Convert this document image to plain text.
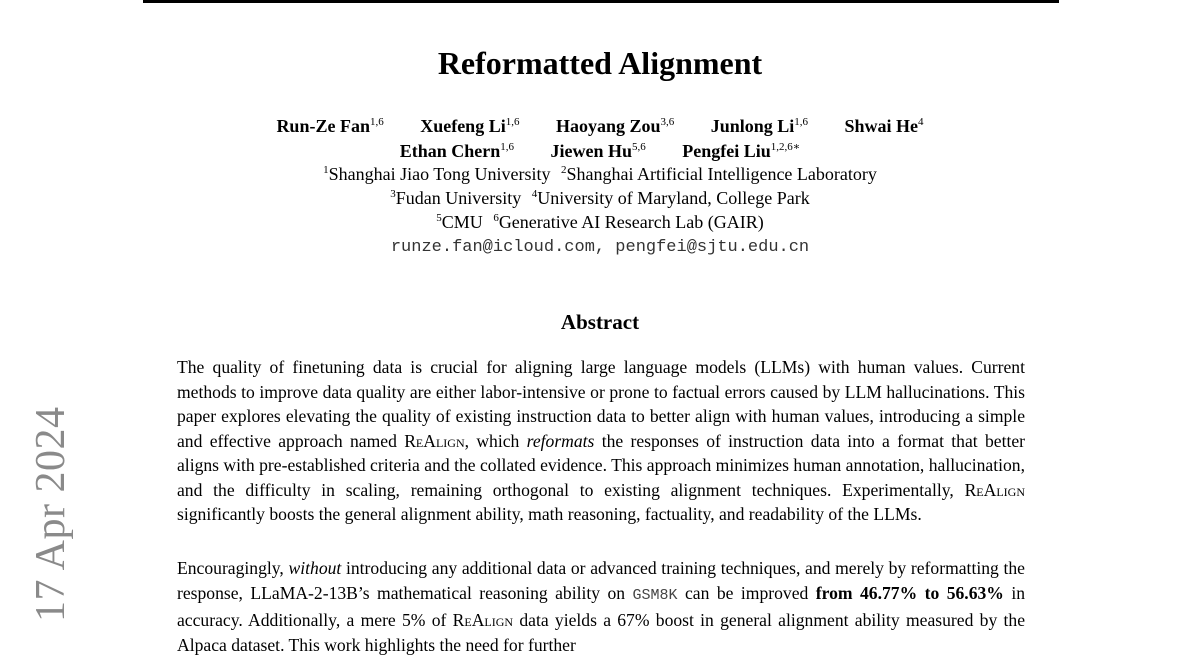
17 Apr 2024
Reformatted Alignment
Run-Ze Fan$^{1,6}$ Xuefeng Li$^{1,6}$ Haoyang Zou$^{3,6}$ Junlong Li$^{1,6}$ Shwai He$^4$
Ethan Chern$^{1,6}$ Jiewen Hu$^{5,6}$ Pengfei Liu$^{1,2,6∗}$
$^1$Shanghai Jiao Tong University $^2$Shanghai Artificial Intelligence Laboratory
$^3$Fudan University $^4$University of Maryland, College Park
$^5$CMU $^6$Generative AI Research Lab (GAIR)
runze.fan@icloud.com, pengfei@sjtu.edu.cn
Abstract
The quality of finetuning data is crucial for aligning large language models (LLMs) with human values. Current methods to improve data quality are either labor-intensive or prone to factual errors caused by LLM hallucinations. This paper explores elevating the quality of existing instruction data to better align with human values, introducing a simple and effective approach named ReAlign, which reformats the responses of instruction data into a format that better aligns with pre-established criteria and the collated evidence. This approach minimizes human annotation, hallucination, and the difficulty in scaling, remaining orthogonal to existing alignment techniques. Experimentally, ReAlign significantly boosts the general alignment ability, math reasoning, factuality, and readability of the LLMs.
Encouragingly, without introducing any additional data or advanced training techniques, and merely by reformatting the response, LLaMA-2-13B’s mathematical reasoning ability on GSM8K can be improved from 46.77% to 56.63% in accuracy. Additionally, a mere 5% of ReAlign data yields a 67% boost in general alignment ability measured by the Alpaca dataset. This work highlights the need for further
